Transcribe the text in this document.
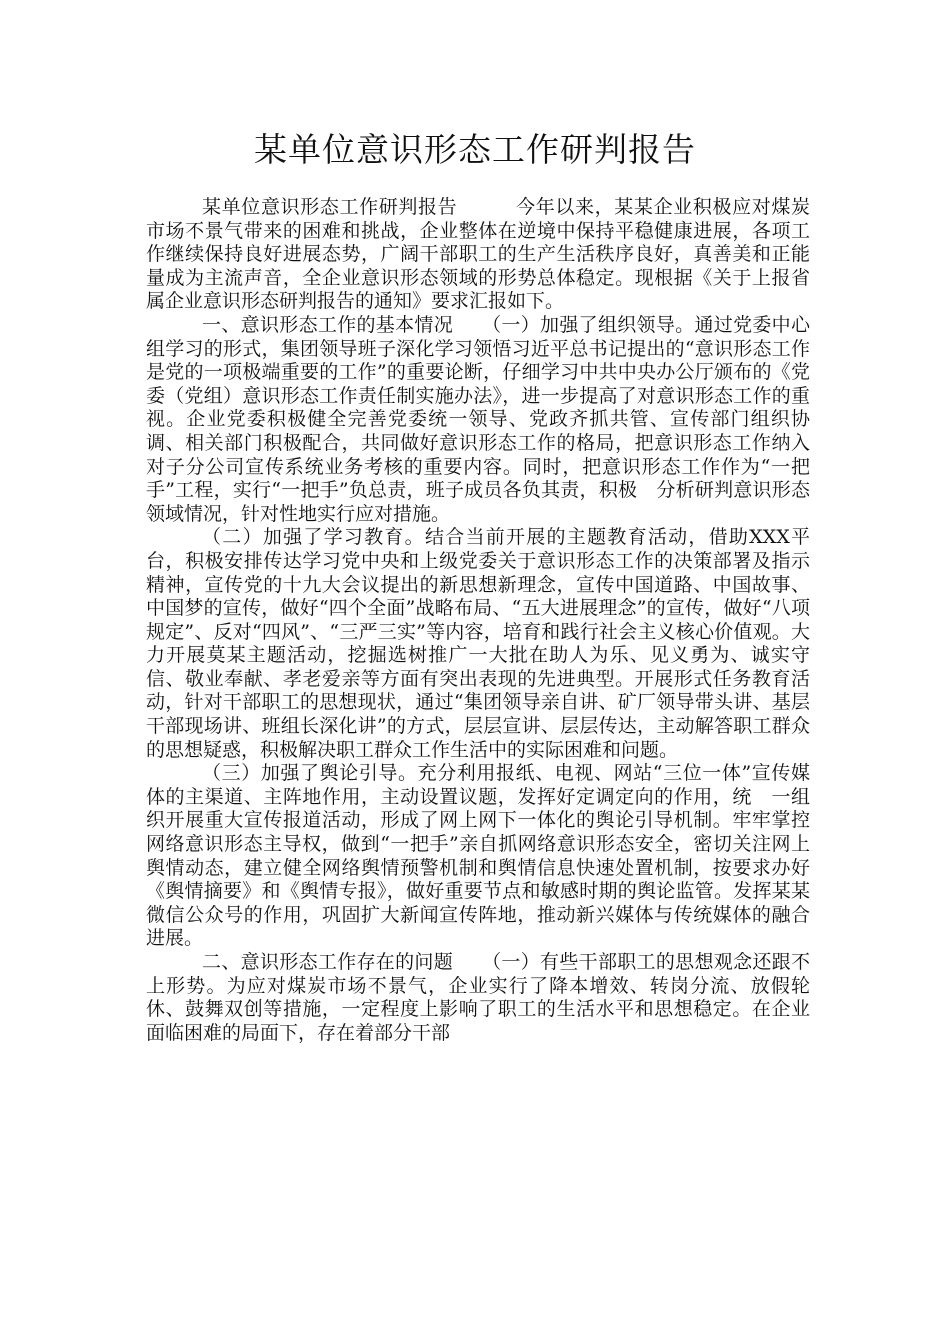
某单位意识形态工作研判报告

某单位意识形态工作研判报告　　　今年以来，某某企业积极应对煤炭市场不景气带来的困难和挑战，企业整体在逆境中保持平稳健康进展，各项工作继续保持良好进展态势，广阔干部职工的生产生活秩序良好，真善美和正能量成为主流声音，全企业意识形态领域的形势总体稳定。现根据《关于上报省属企业意识形态研判报告的通知》要求汇报如下。

一、意识形态工作的基本情况　　（一）加强了组织领导。通过党委中心组学习的形式，集团领导班子深化学习领悟习近平总书记提出的“意识形态工作是党的一项极端重要的工作”的重要论断，仔细学习中共中央办公厅颁布的《党委（党组）意识形态工作责任制实施办法》，进一步提高了对意识形态工作的重视。企业党委积极健全完善党委统一领导、党政齐抓共管、宣传部门组织协调、相关部门积极配合，共同做好意识形态工作的格局，把意识形态工作纳入对子分公司宣传系统业务考核的重要内容。同时，把意识形态工作作为“一把手”工程，实行“一把手”负总责，班子成员各负其责，积极　分析研判意识形态领域情况，针对性地实行应对措施。

（二）加强了学习教育。结合当前开展的主题教育活动，借助XXX平台，积极安排传达学习党中央和上级党委关于意识形态工作的决策部署及指示精神，宣传党的十九大会议提出的新思想新理念，宣传中国道路、中国故事、中国梦的宣传，做好“四个全面”战略布局、“五大进展理念”的宣传，做好“八项规定”、反对“四风”、“三严三实”等内容，培育和践行社会主义核心价值观。大力开展莫某主题活动，挖掘选树推广一大批在助人为乐、见义勇为、诚实守信、敬业奉献、孝老爱亲等方面有突出表现的先进典型。开展形式任务教育活动，针对干部职工的思想现状，通过“集团领导亲自讲、矿厂领导带头讲、基层干部现场讲、班组长深化讲”的方式，层层宣讲、层层传达，主动解答职工群众的思想疑惑，积极解决职工群众工作生活中的实际困难和问题。

（三）加强了舆论引导。充分利用报纸、电视、网站“三位一体”宣传媒体的主渠道、主阵地作用，主动设置议题，发挥好定调定向的作用，统　一组织开展重大宣传报道活动，形成了网上网下一体化的舆论引导机制。牢牢掌控网络意识形态主导权，做到“一把手”亲自抓网络意识形态安全，密切关注网上舆情动态，建立健全网络舆情预警机制和舆情信息快速处置机制，按要求办好《舆情摘要》和《舆情专报》，做好重要节点和敏感时期的舆论监管。发挥某某微信公众号的作用，巩固扩大新闻宣传阵地，推动新兴媒体与传统媒体的融合进展。

二、意识形态工作存在的问题　　（一）有些干部职工的思想观念还跟不上形势。为应对煤炭市场不景气，企业实行了降本增效、转岗分流、放假轮休、鼓舞双创等措施，一定程度上影响了职工的生活水平和思想稳定。在企业面临困难的局面下，存在着部分干部
